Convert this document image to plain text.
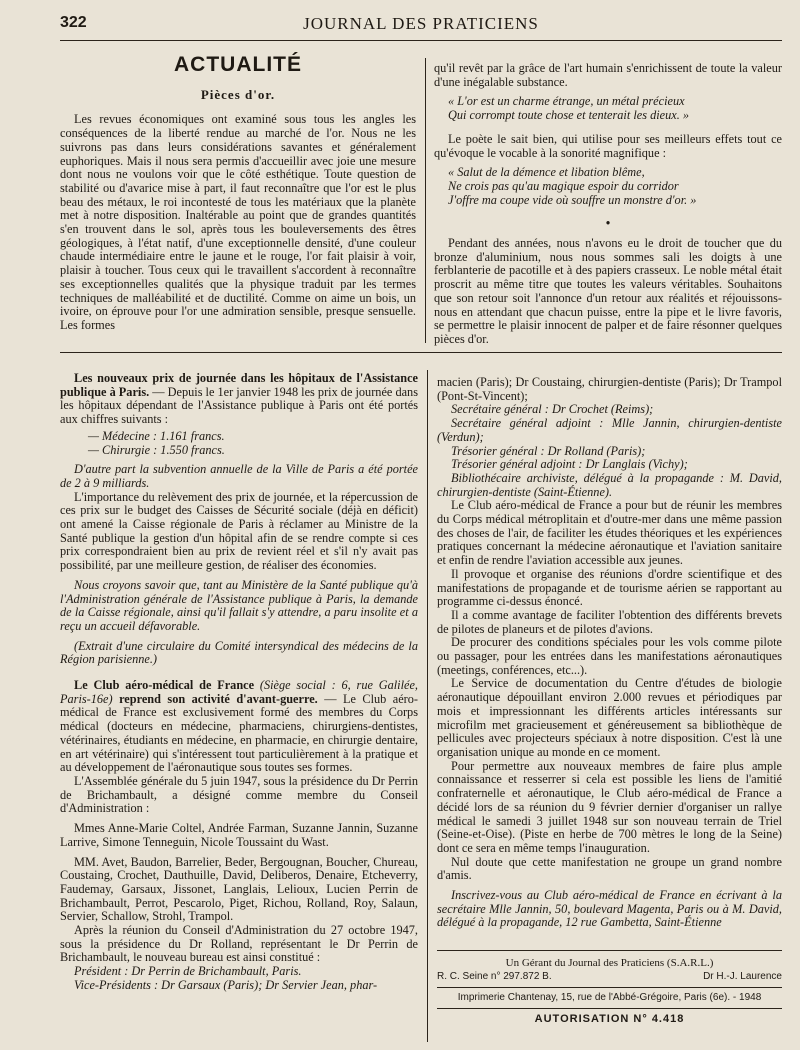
322	JOURNAL DES PRATICIENS
ACTUALITÉ
Pièces d'or.

Les revues économiques ont examiné sous tous les angles les conséquences de la liberté rendue au marché de l'or. Nous ne les suivrons pas dans leurs considérations savantes et généralement euphoriques. Mais il nous sera permis d'accueillir avec joie une mesure dont nous ne voulons voir que le côté esthétique. Toute question de stabilité ou d'avarice mise à part, il faut reconnaître que l'or est le plus beau des métaux, le roi incontesté de tous les matériaux que la planète met à notre disposition. Inaltérable au point que de grandes quantités s'en trouvent dans le sol, après tous les bouleversements des êtres géologiques, à l'état natif, d'une exceptionnelle densité, d'une couleur chaude intermédiaire entre le jaune et le rouge, l'or fait plaisir à voir, plaisir à toucher. Tous ceux qui le travaillent s'accordent à reconnaître ses exceptionnelles qualités que la physique traduit par les termes techniques de malléabilité et de ductilité. Comme on aime un bois, un ivoire, on éprouve pour l'or une admiration sensible, presque sensuelle. Les formes

qu'il revêt par la grâce de l'art humain s'enrichissent de toute la valeur d'une inégalable substance.

« L'or est un charme étrange, un métal précieux
Qui corrompt toute chose et tenterait les dieux. »

Le poète le sait bien, qui utilise pour ses meilleurs effets tout ce qu'évoque le vocable à la sonorité magnifique :

« Salut de la démence et libation blême,
Ne crois pas qu'au magique espoir du corridor
J'offre ma coupe vide où souffre un monstre d'or. »
•

Pendant des années, nous n'avons eu le droit de toucher que du bronze d'aluminium, nous nous sommes sali les doigts à une ferblanterie de pacotille et à des papiers crasseux. Le noble métal était proscrit au même titre que toutes les valeurs véritables. Souhaitons que son retour soit l'annonce d'un retour aux réalités et réjouissons-nous en attendant que chacun puisse, entre la pipe et le livre favoris, se permettre le plaisir innocent de palper et de faire résonner quelques pièces d'or.

Les nouveaux prix de journée dans les hôpitaux de l'Assistance publique à Paris. — Depuis le 1er janvier 1948 les prix de journée dans les hôpitaux dépendant de l'Assistance publique à Paris ont été portés aux chiffres suivants :

— Médecine : 1.161 francs.

— Chirurgie : 1.550 francs.

D'autre part la subvention annuelle de la Ville de Paris a été portée de 2 à 9 milliards.

L'importance du relèvement des prix de journée, et la répercussion de ces prix sur le budget des Caisses de Sécurité sociale (déjà en déficit) ont amené la Caisse régionale de Paris à réclamer au Ministre de la Santé publique la gestion d'un hôpital afin de se rendre compte si ces prix correspondraient bien au prix de revient réel et s'il n'y avait pas possibilité, par une meilleure gestion, de réaliser des économies.

Nous croyons savoir que, tant au Ministère de la Santé publique qu'à l'Administration générale de l'Assistance publique à Paris, la demande de la Caisse régionale, ainsi qu'il fallait s'y attendre, a paru insolite et a reçu un accueil défavorable.

(Extrait d'une circulaire du Comité intersyndical des médecins de la Région parisienne.)

Le Club aéro-médical de France (Siège social : 6, rue Galilée, Paris-16e) reprend son activité d'avant-guerre. — Le Club aéro-médical de France est exclusivement formé des membres du Corps médical (docteurs en médecine, pharmaciens, chirurgiens-dentistes, vétérinaires, étudiants en médecine, en pharmacie, en chirurgie dentaire, en art vétérinaire) qui s'intéressent tout particulièrement à la pratique et au développement de l'aéronautique sous toutes ses formes.

L'Assemblée générale du 5 juin 1947, sous la présidence du Dr Perrin de Brichambault, a désigné comme membre du Conseil d'Administration :

Mmes Anne-Marie Coltel, Andrée Farman, Suzanne Jannin, Suzanne Larrive, Simone Tenneguin, Nicole Toussaint du Wast.

MM. Avet, Baudon, Barrelier, Beder, Bergougnan, Boucher, Chureau, Coustaing, Crochet, Dauthuille, David, Deliberos, Denaire, Etcheverry, Faudemay, Garsaux, Jissonet, Langlais, Lelioux, Lucien Perrin de Brichambault, Perrot, Pescarolo, Piget, Richou, Rolland, Roy, Salaun, Servier, Schallow, Strohl, Trampol.

Après la réunion du Conseil d'Administration du 27 octobre 1947, sous la présidence du Dr Rolland, représentant le Dr Perrin de Brichambault, le nouveau bureau est ainsi constitué :

Président : Dr Perrin de Brichambault, Paris.

Vice-Présidents : Dr Garsaux (Paris); Dr Servier Jean, phar-

macien (Paris); Dr Coustaing, chirurgien-dentiste (Paris); Dr Trampol (Pont-St-Vincent);

Secrétaire général : Dr Crochet (Reims);

Secrétaire général adjoint : Mlle Jannin, chirurgien-dentiste (Verdun);

Trésorier général : Dr Rolland (Paris);

Trésorier général adjoint : Dr Langlais (Vichy);

Bibliothécaire archiviste, délégué à la propagande : M. David, chirurgien-dentiste (Saint-Étienne).

Le Club aéro-médical de France a pour but de réunir les membres du Corps médical métroplitain et d'outre-mer dans une même passion des choses de l'air, de faciliter les études théoriques et les expériences pratiques concernant la médecine aéronautique et l'aviation sanitaire et enfin de rendre l'aviation accessible aux jeunes.

Il provoque et organise des réunions d'ordre scientifique et des manifestations de propagande et de tourisme aérien se rapportant au programme ci-dessus énoncé.

Il a comme avantage de faciliter l'obtention des différents brevets de pilotes de planeurs et de pilotes d'avions.

De procurer des conditions spéciales pour les vols comme pilote ou passager, pour les entrées dans les manifestations aéronautiques (meetings, conférences, etc...).

Le Service de documentation du Centre d'études de biologie aéronautique dépouillant environ 2.000 revues et périodiques par mois et impressionnant les différents articles intéressants sur microfilm met gracieusement et généreusement sa bibliothèque de pellicules avec projecteurs spéciaux à notre disposition. C'est là une organisation unique au monde en ce moment.

Pour permettre aux nouveaux membres de faire plus ample connaissance et resserrer si cela est possible les liens de l'amitié confraternelle et aéronautique, le Club aéro-médical de France a décidé lors de sa réunion du 9 février dernier d'organiser un rallye médical le samedi 3 juillet 1948 sur son nouveau terrain de Triel (Seine-et-Oise). (Piste en herbe de 700 mètres le long de la Seine) dont ce sera en même temps l'inauguration.

Nul doute que cette manifestation ne groupe un grand nombre d'amis.

Inscrivez-vous au Club aéro-médical de France en écrivant à la secrétaire Mlle Jannin, 50, boulevard Magenta, Paris ou à M. David, délégué à la propagande, 12 rue Gambetta, Saint-Étienne

Un Gérant du Journal des Praticiens (S.A.R.L.)
R. C. Seine n° 297.872 B.	Dr H.-J. Laurence
Imprimerie Chantenay, 15, rue de l'Abbé-Grégoire, Paris (6e). - 1948
AUTORISATION N° 4.418
